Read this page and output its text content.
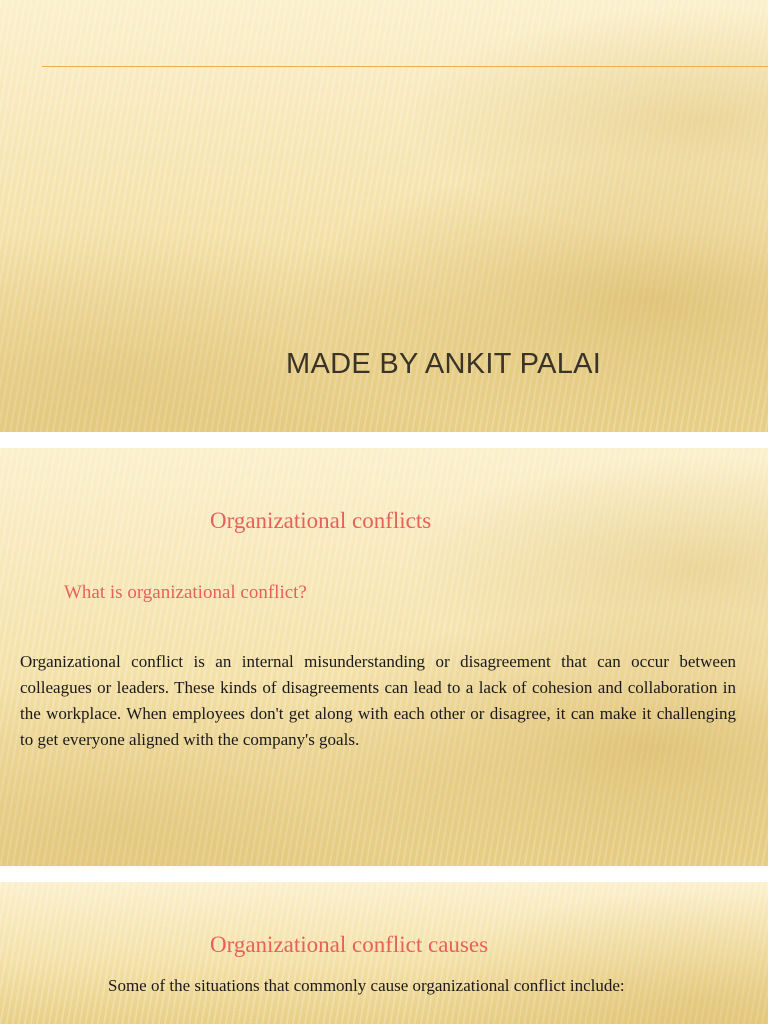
MADE BY ANKIT PALAI
Organizational conflicts
What is organizational conflict?

Organizational conflict is an internal misunderstanding or disagreement that can occur between colleagues or leaders. These kinds of disagreements can lead to a lack of cohesion and collaboration in the workplace. When employees don't get along with each other or disagree, it can make it challenging to get everyone aligned with the company's goals.

Organizational conflict causes

Some of the situations that commonly cause organizational conflict include:
